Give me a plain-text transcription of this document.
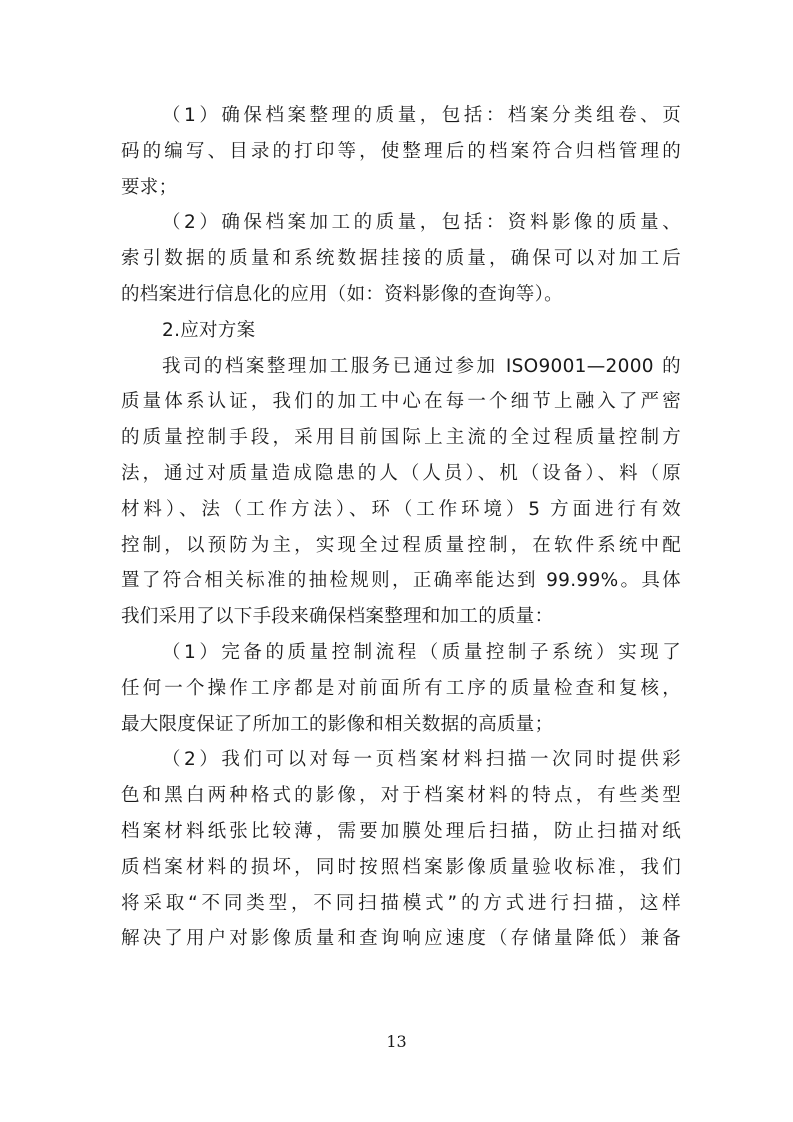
（1）确保档案整理的质量，包括：档案分类组卷、页
码的编写、目录的打印等，使整理后的档案符合归档管理的
要求；
（2）确保档案加工的质量，包括：资料影像的质量、
索引数据的质量和系统数据挂接的质量，确保可以对加工后
的档案进行信息化的应用（如：资料影像的查询等）。
2.应对方案
我司的档案整理加工服务已通过参加 ISO9001—2000 的
质量体系认证，我们的加工中心在每一个细节上融入了严密
的质量控制手段，采用目前国际上主流的全过程质量控制方
法，通过对质量造成隐患的人（人员）、机（设备）、料（原
材料）、法（工作方法）、环（工作环境）5 方面进行有效
控制，以预防为主，实现全过程质量控制，在软件系统中配
置了符合相关标准的抽检规则，正确率能达到 99.99%。具体
我们采用了以下手段来确保档案整理和加工的质量：
（1）完备的质量控制流程（质量控制子系统）实现了
任何一个操作工序都是对前面所有工序的质量检查和复核，
最大限度保证了所加工的影像和相关数据的高质量；
（2）我们可以对每一页档案材料扫描一次同时提供彩
色和黑白两种格式的影像，对于档案材料的特点，有些类型
档案材料纸张比较薄，需要加膜处理后扫描，防止扫描对纸
质档案材料的损坏，同时按照档案影像质量验收标准，我们
将采取“不同类型，不同扫描模式”的方式进行扫描，这样
解决了用户对影像质量和查询响应速度（存储量降低）兼备
13
